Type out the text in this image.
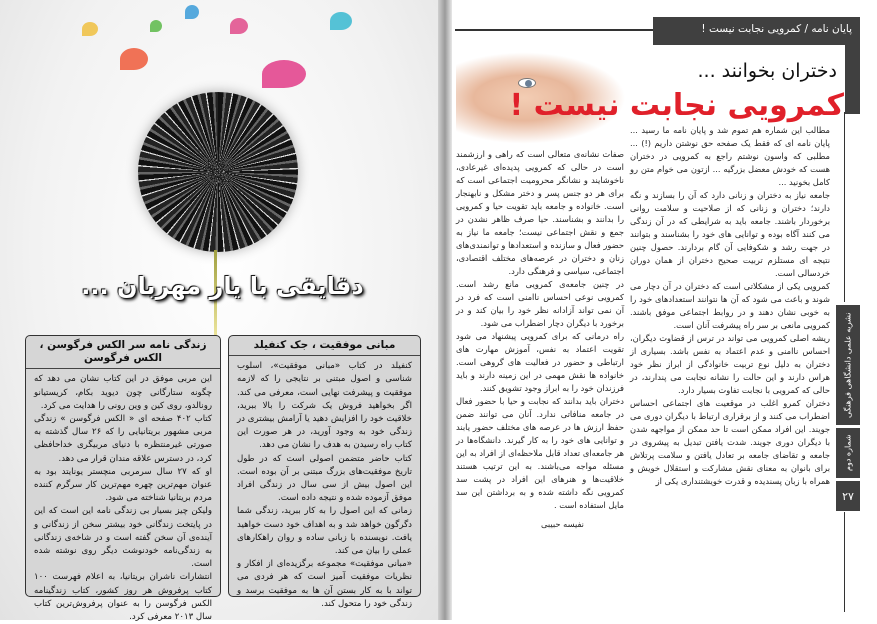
دقایقی با یار مهربان ...
زندگی نامه سر الکس فرگوسن ، الکس فرگوسن

این مربی موفق در این کتاب نشان می دهد که چگونه ستارگانی چون دیوید بکام، کریستیانو رونالدو، روی کین و وین رونی را هدایت می کرد.

کتاب ۴۰۲ صفحه ای « الکس فرگوسن » زندگی مربی مشهور بریتانیایی را که ۲۶ سال گذشته به صورتی غیرمنتظره با دنیای مربیگری خداحافظی کرد، در دسترس علاقه مندان قرار می دهد.

او که ۲۷ سال سرمربی منچستر یونایتد بود به عنوان مهم‌ترین چهره مهم‌ترین کار سرگرم کننده مردم بریتانیا شناخته می شود.

ولیکن چیز بسیار بی زندگی نامه این است که این در پایتخت زندگانی خود بیشتر سخن از زندگانی و آینده‌ی آن سخن گفته است و در شاخه‌ی زندگانی به زندگی‌نامه خودنوشت دیگر روی نوشته شده است.

انتشارات ناشران بریتانیا، به اعلام فهرست ۱۰۰ کتاب پرفروش هر روز کشور، کتاب زندگینامه الکس فرگوسن را به عنوان پرفروش‌ترین کتاب سال ۲۰۱۳ معرفی کرد.

مبانی موفقیت ، جک کنفیلد

کنفیلد در کتاب «مبانی موفقیت»، اسلوب شناسی و اصول مبتنی بر نتایجی را که لازمه موفقیت و پیشرفت نهایی است، معرفی می کند. اگر بخواهید فروش یک شرکت را بالا ببرید، خلاقیت خود را افزایش دهید یا آرامش بیشتری در زندگی خود به وجود آورید، در هر صورت این کتاب راه رسیدن به هدف را نشان می دهد.

کتاب حاضر متضمن اصولی است که در طول تاریخ موفقیت‌های بزرگ مبتنی بر آن بوده است. این اصول بیش از سی سال در زندگی افراد موفق آزموده شده و نتیجه داده است.

زمانی که این اصول را به کار ببرید، زندگی شما دگرگون خواهد شد و به اهداف خود دست خواهید یافت. نویسنده با زبانی ساده و روان راهکارهای عملی را بیان می کند.

«مبانی موفقیت» مجموعه برگزیده‌ای از افکار و نظریات موفقیت آمیز است که هر فردی می تواند با به کار بستن آن ها به موفقیت برسد و زندگی خود را متحول کند.

پایان نامه / کمرویی نجابت نیست !
دختران بخوانند ...
کمرویی نجابت نیست !
نشریه علمی دانشگاهی فرهنگی
شماره دوم
۲۷

مطالب این شماره هم تموم شد و پایان نامه ما رسید ... پایان نامه ای که فقط یک صفحه حق نوشتن داریم (!) ... مطلبی که واسون نوشتم راجع به کمرویی در دختران هست که خودش معضل بزرگیه ... ازتون می خوام متن رو کامل بخونید ...

جامعه نیاز به دختران و زنانی دارد که آن را بسازند و نگه دارند؛ دختران و زنانی که از صلاحیت و سلامت روانی برخوردار باشند. جامعه باید به شرایطی که در آن زندگی می کنند آگاه بوده و توانایی های خود را بشناسند و بتوانند در جهت رشد و شکوفایی آن گام بردارند. حصول چنین نتیجه ای مستلزم تربیت صحیح دختران از همان دوران خردسالی است.

کمرویی یکی از مشکلاتی است که دختران در آن دچار می شوند و باعث می شود که آن ها نتوانند استعدادهای خود را به خوبی نشان دهند و در روابط اجتماعی موفق باشند. کمرویی مانعی بر سر راه پیشرفت آنان است.

ریشه اصلی کمرویی می تواند در ترس از قضاوت دیگران، احساس ناامنی و عدم اعتماد به نفس باشد. بسیاری از دختران به دلیل نوع تربیت خانوادگی از ابراز نظر خود هراس دارند و این حالت را نشانه نجابت می پندارند، در حالی که کمرویی با نجابت تفاوت بسیار دارد.

دختران کمرو اغلب در موقعیت های اجتماعی احساس اضطراب می کنند و از برقراری ارتباط با دیگران دوری می جویند. این افراد ممکن است تا حد ممکن از مواجهه شدن با دیگران دوری جویند. شدت یافتن تبدیل به پیشروی در جامعه و تقاضای جامعه بر تعادل یافتن و سلامت پرتلاش برای بانوان به معنای نقش مشارکت و استقلال خویش و همراه با زبان پسندیده و قدرت خویشتنداری یکی از

صفات نشانه‌ی متعالی است که راهی و ارزشمند است در حالی که کمرویی پدیده‌ای غیرعادی، ناخوشایند و نشانگر محرومیت اجتماعی است که برای هر دو جنس پسر و دختر مشکل و نابهنجار است. خانواده و جامعه باید تقویت حیا و کمرویی را بدانند و بشناسند. حیا صرف ظاهر نشدن در جمع و نقش اجتماعی نیست؛ جامعه ما نیاز به حضور فعال و سازنده و استعدادها و توانمندی‌های زنان و دختران در عرصه‌های مختلف اقتصادی، اجتماعی، سیاسی و فرهنگی دارد.

در چنین جامعه‌ی کمرویی مانع رشد است. کمرویی نوعی احساس ناامنی است که فرد در آن نمی تواند آزادانه نظر خود را بیان کند و در برخورد با دیگران دچار اضطراب می شود.

راه درمانی که برای کمرویی پیشنهاد می شود تقویت اعتماد به نفس، آموزش مهارت های ارتباطی و حضور در فعالیت های گروهی است. خانواده ها نقش مهمی در این زمینه دارند و باید فرزندان خود را به ابراز وجود تشویق کنند.

دختران باید بدانند که نجابت و حیا با حضور فعال در جامعه منافاتی ندارد. آنان می توانند ضمن حفظ ارزش ها در عرصه های مختلف حضور یابند و توانایی های خود را به کار گیرند. دانشگاه‌ها در هر جامعه‌ای تعداد قابل ملاحظه‌ای از افراد به این مسئله مواجه می‌باشند. به این ترتیب هستند خلاقیت‌ها و هنرهای این افراد در پشت سد کمرویی نگه داشته شده و به برداشتن این سد مایل استفاده است .

نفیسه حبیبی
